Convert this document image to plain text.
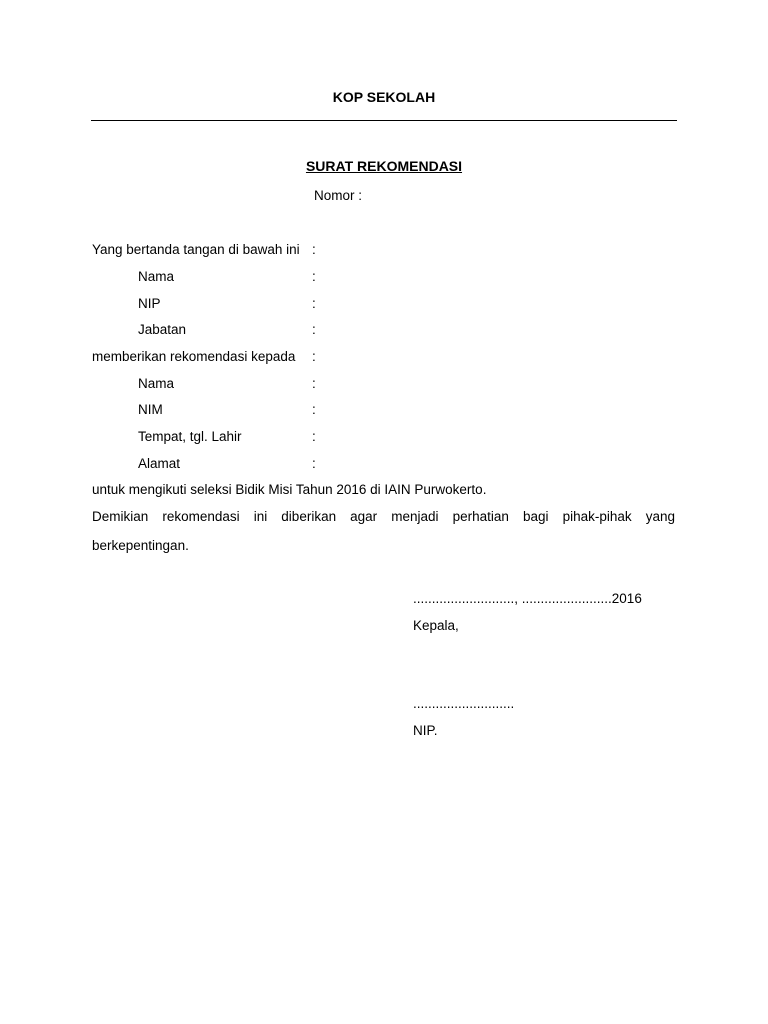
KOP SEKOLAH
SURAT REKOMENDASI
Nomor :
Yang bertanda tangan di bawah ini :
Nama	:
NIP	:
Jabatan	:
memberikan rekomendasi kepada :
Nama	:
NIM	:
Tempat, tgl. Lahir	:
Alamat	:
untuk mengikuti seleksi Bidik Misi Tahun 2016 di IAIN Purwokerto.
Demikian rekomendasi ini diberikan agar menjadi perhatian bagi pihak-pihak yang
berkepentingan.
..........................., ........................2016
Kepala,
...........................
NIP.
